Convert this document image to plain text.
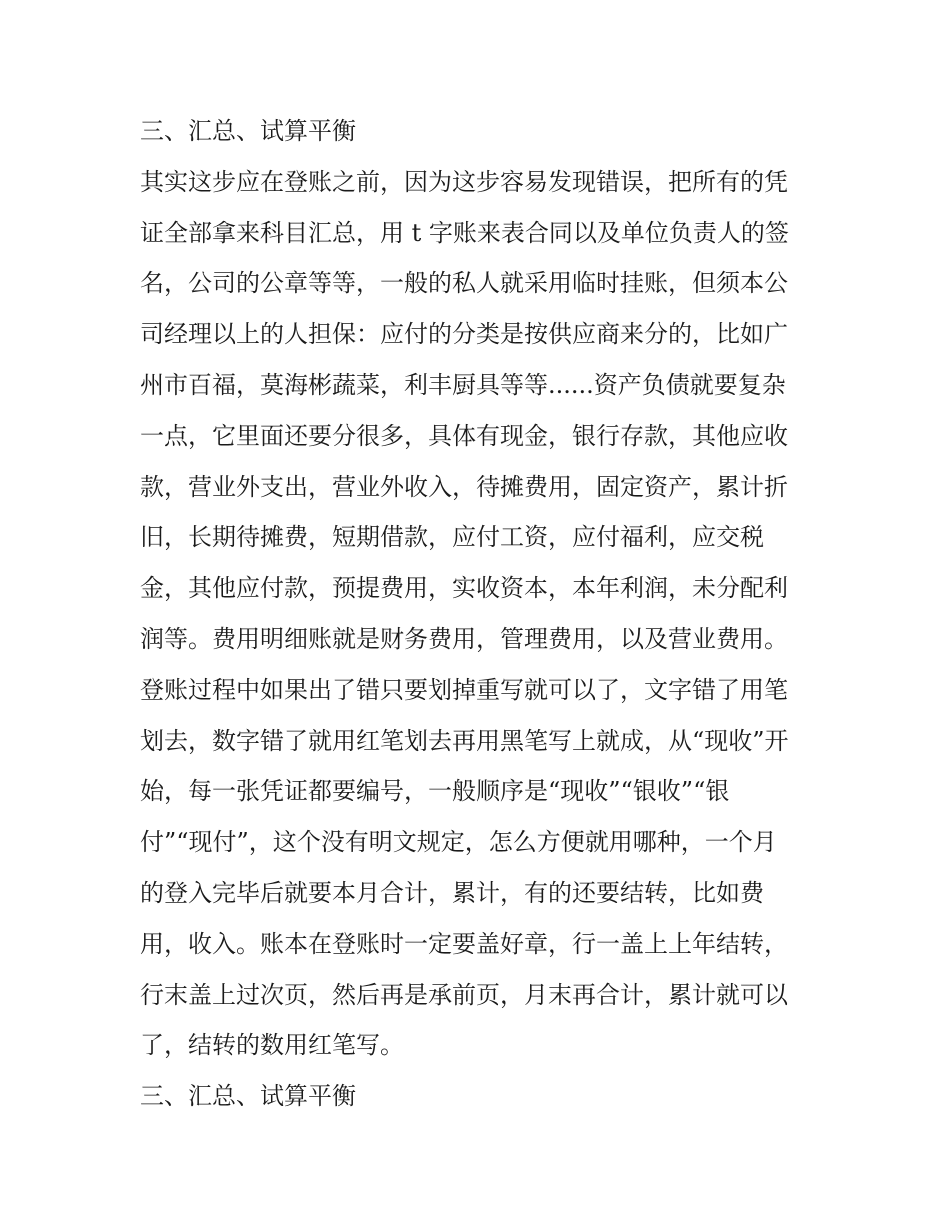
三、汇总、试算平衡
其实这步应在登账之前，因为这步容易发现错误，把所有的凭
证全部拿来科目汇总，用 t 字账来表合同以及单位负责人的签
名，公司的公章等等，一般的私人就采用临时挂账，但须本公
司经理以上的人担保：应付的分类是按供应商来分的，比如广
州市百福，莫海彬蔬菜，利丰厨具等等......资产负债就要复杂
一点，它里面还要分很多，具体有现金，银行存款，其他应收
款，营业外支出，营业外收入，待摊费用，固定资产，累计折
旧，长期待摊费，短期借款，应付工资，应付福利，应交税
金，其他应付款，预提费用，实收资本，本年利润，未分配利
润等。费用明细账就是财务费用，管理费用，以及营业费用。
登账过程中如果出了错只要划掉重写就可以了，文字错了用笔
划去，数字错了就用红笔划去再用黑笔写上就成，从“现收”开
始，每一张凭证都要编号，一般顺序是“现收”“银收”“银
付”“现付”，这个没有明文规定，怎么方便就用哪种，一个月
的登入完毕后就要本月合计，累计，有的还要结转，比如费
用，收入。账本在登账时一定要盖好章，行一盖上上年结转，
行末盖上过次页，然后再是承前页，月末再合计，累计就可以
了，结转的数用红笔写。
三、汇总、试算平衡
